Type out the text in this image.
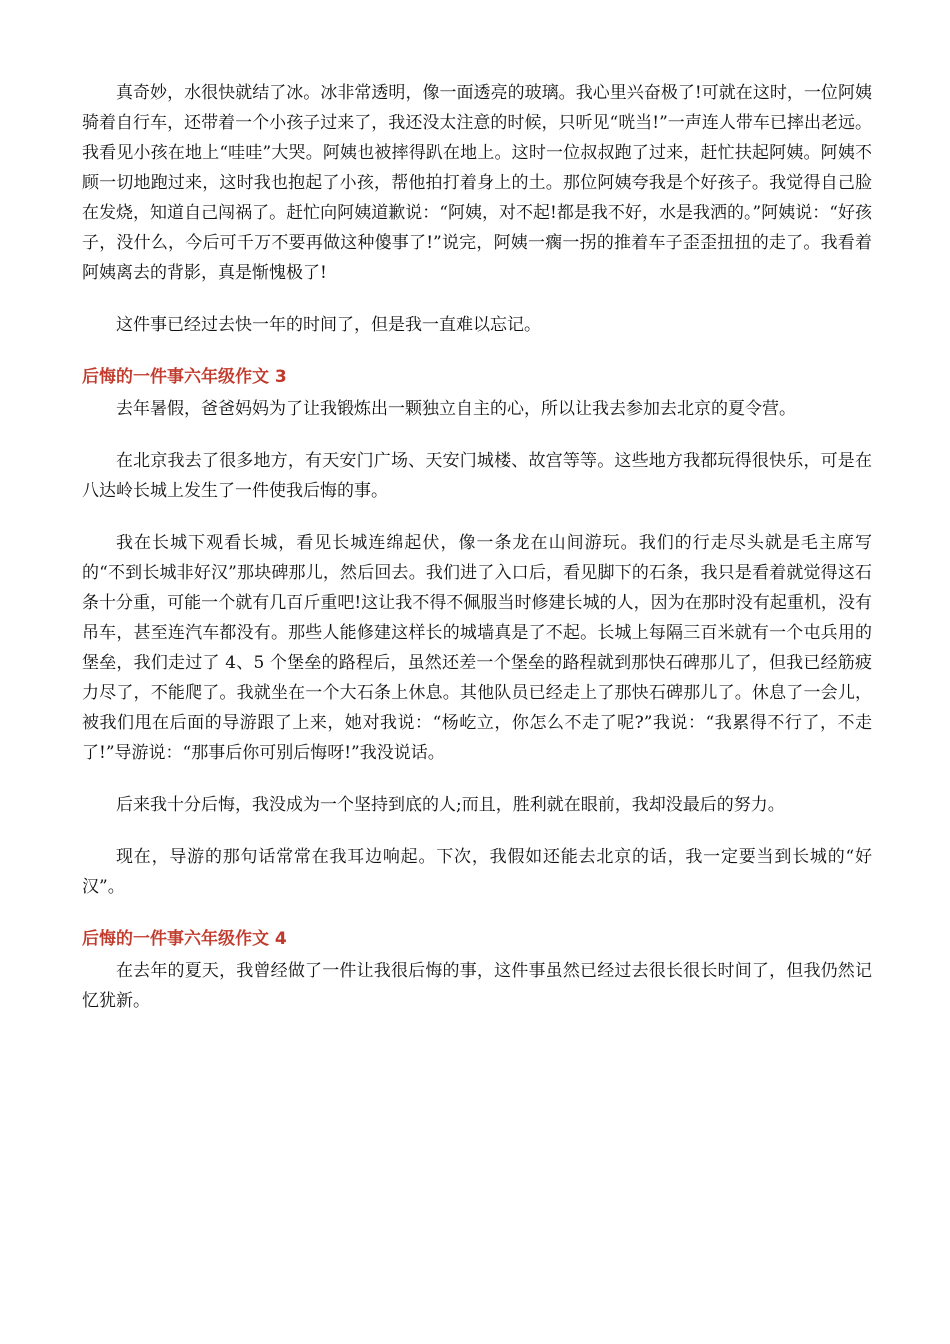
真奇妙，水很快就结了冰。冰非常透明，像一面透亮的玻璃。我心里兴奋极了!可就在这时，一位阿姨骑着自行车，还带着一个小孩子过来了，我还没太注意的时候，只听见“咣当!”一声连人带车已摔出老远。我看见小孩在地上“哇哇”大哭。阿姨也被摔得趴在地上。这时一位叔叔跑了过来，赶忙扶起阿姨。阿姨不顾一切地跑过来，这时我也抱起了小孩，帮他拍打着身上的土。那位阿姨夸我是个好孩子。我觉得自己脸在发烧，知道自己闯祸了。赶忙向阿姨道歉说：“阿姨，对不起!都是我不好，水是我洒的。”阿姨说：“好孩子，没什么，今后可千万不要再做这种傻事了!”说完，阿姨一瘸一拐的推着车子歪歪扭扭的走了。我看着阿姨离去的背影，真是惭愧极了!

这件事已经过去快一年的时间了，但是我一直难以忘记。

后悔的一件事六年级作文 3

去年暑假，爸爸妈妈为了让我锻炼出一颗独立自主的心，所以让我去参加去北京的夏令营。

在北京我去了很多地方，有天安门广场、天安门城楼、故宫等等。这些地方我都玩得很快乐，可是在八达岭长城上发生了一件使我后悔的事。

我在长城下观看长城，看见长城连绵起伏，像一条龙在山间游玩。我们的行走尽头就是毛主席写的“不到长城非好汉”那块碑那儿，然后回去。我们进了入口后，看见脚下的石条，我只是看着就觉得这石条十分重，可能一个就有几百斤重吧!这让我不得不佩服当时修建长城的人，因为在那时没有起重机，没有吊车，甚至连汽车都没有。那些人能修建这样长的城墙真是了不起。长城上每隔三百米就有一个屯兵用的堡垒，我们走过了 4、5 个堡垒的路程后，虽然还差一个堡垒的路程就到那快石碑那儿了，但我已经筋疲力尽了，不能爬了。我就坐在一个大石条上休息。其他队员已经走上了那快石碑那儿了。休息了一会儿，被我们甩在后面的导游跟了上来，她对我说：“杨屹立，你怎么不走了呢?”我说：“我累得不行了，不走了!”导游说：“那事后你可别后悔呀!”我没说话。

后来我十分后悔，我没成为一个坚持到底的人;而且，胜利就在眼前，我却没最后的努力。

现在，导游的那句话常常在我耳边响起。下次，我假如还能去北京的话，我一定要当到长城的“好汉”。

后悔的一件事六年级作文 4

在去年的夏天，我曾经做了一件让我很后悔的事，这件事虽然已经过去很长很长时间了，但我仍然记忆犹新。
